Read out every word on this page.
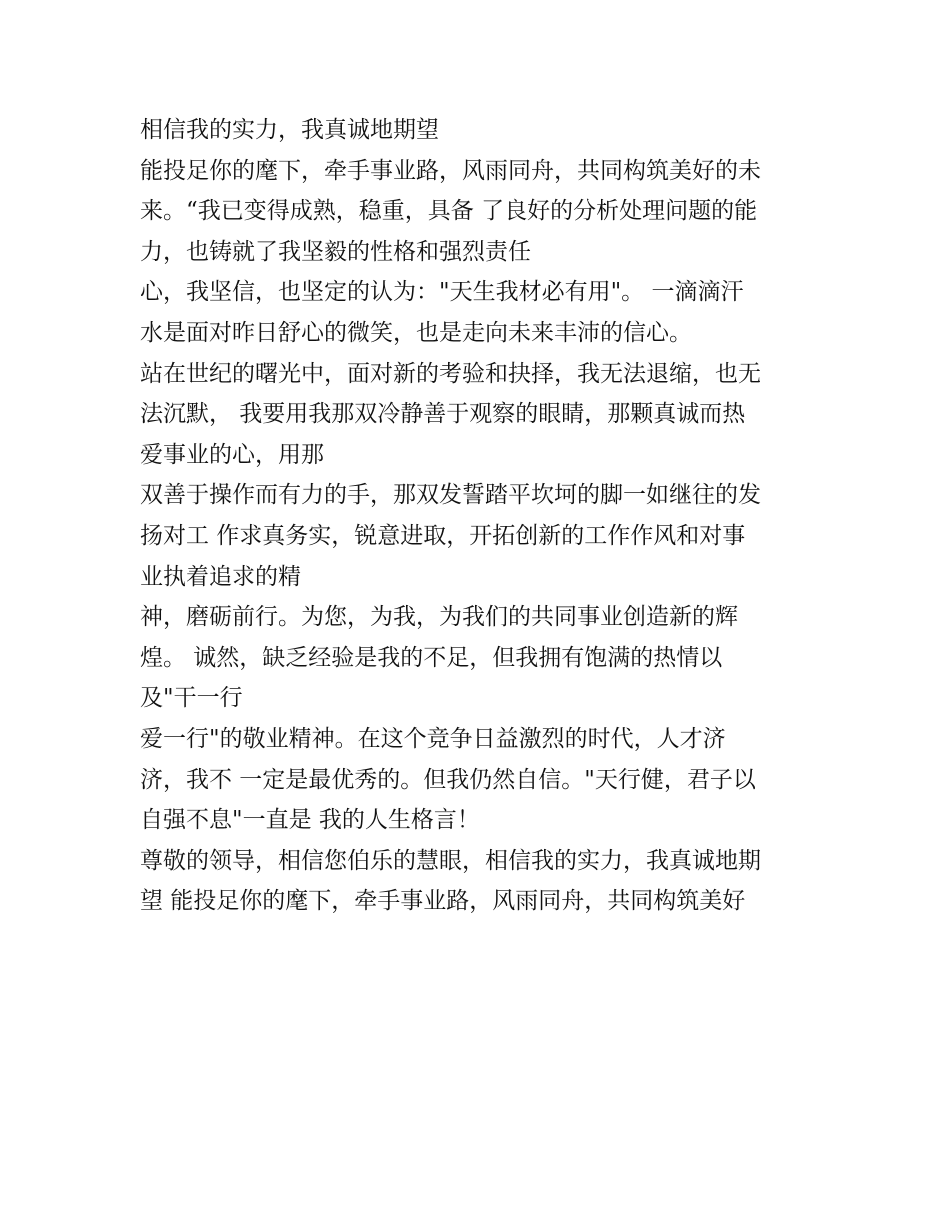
相信我的实力，我真诚地期望
能投足你的麾下，牵手事业路，风雨同舟，共同构筑美好的未
来。“我已变得成熟，稳重，具备 了良好的分析处理问题的能
力，也铸就了我坚毅的性格和强烈责任
心，我坚信，也坚定的认为："天生我材必有用"。 一滴滴汗
水是面对昨日舒心的微笑，也是走向未来丰沛的信心。
站在世纪的曙光中，面对新的考验和抉择，我无法退缩，也无
法沉默， 我要用我那双冷静善于观察的眼睛，那颗真诚而热
爱事业的心，用那
双善于操作而有力的手，那双发誓踏平坎坷的脚一如继往的发
扬对工 作求真务实，锐意进取，开拓创新的工作作风和对事
业执着追求的精
神，磨砺前行。为您，为我，为我们的共同事业创造新的辉
煌。 诚然，缺乏经验是我的不足，但我拥有饱满的热情以
及"干一行
爱一行"的敬业精神。在这个竞争日益激烈的时代，人才济
济，我不 一定是最优秀的。但我仍然自信。"天行健，君子以
自强不息"一直是 我的人生格言！
尊敬的领导，相信您伯乐的慧眼，相信我的实力，我真诚地期
望 能投足你的麾下，牵手事业路，风雨同舟，共同构筑美好
